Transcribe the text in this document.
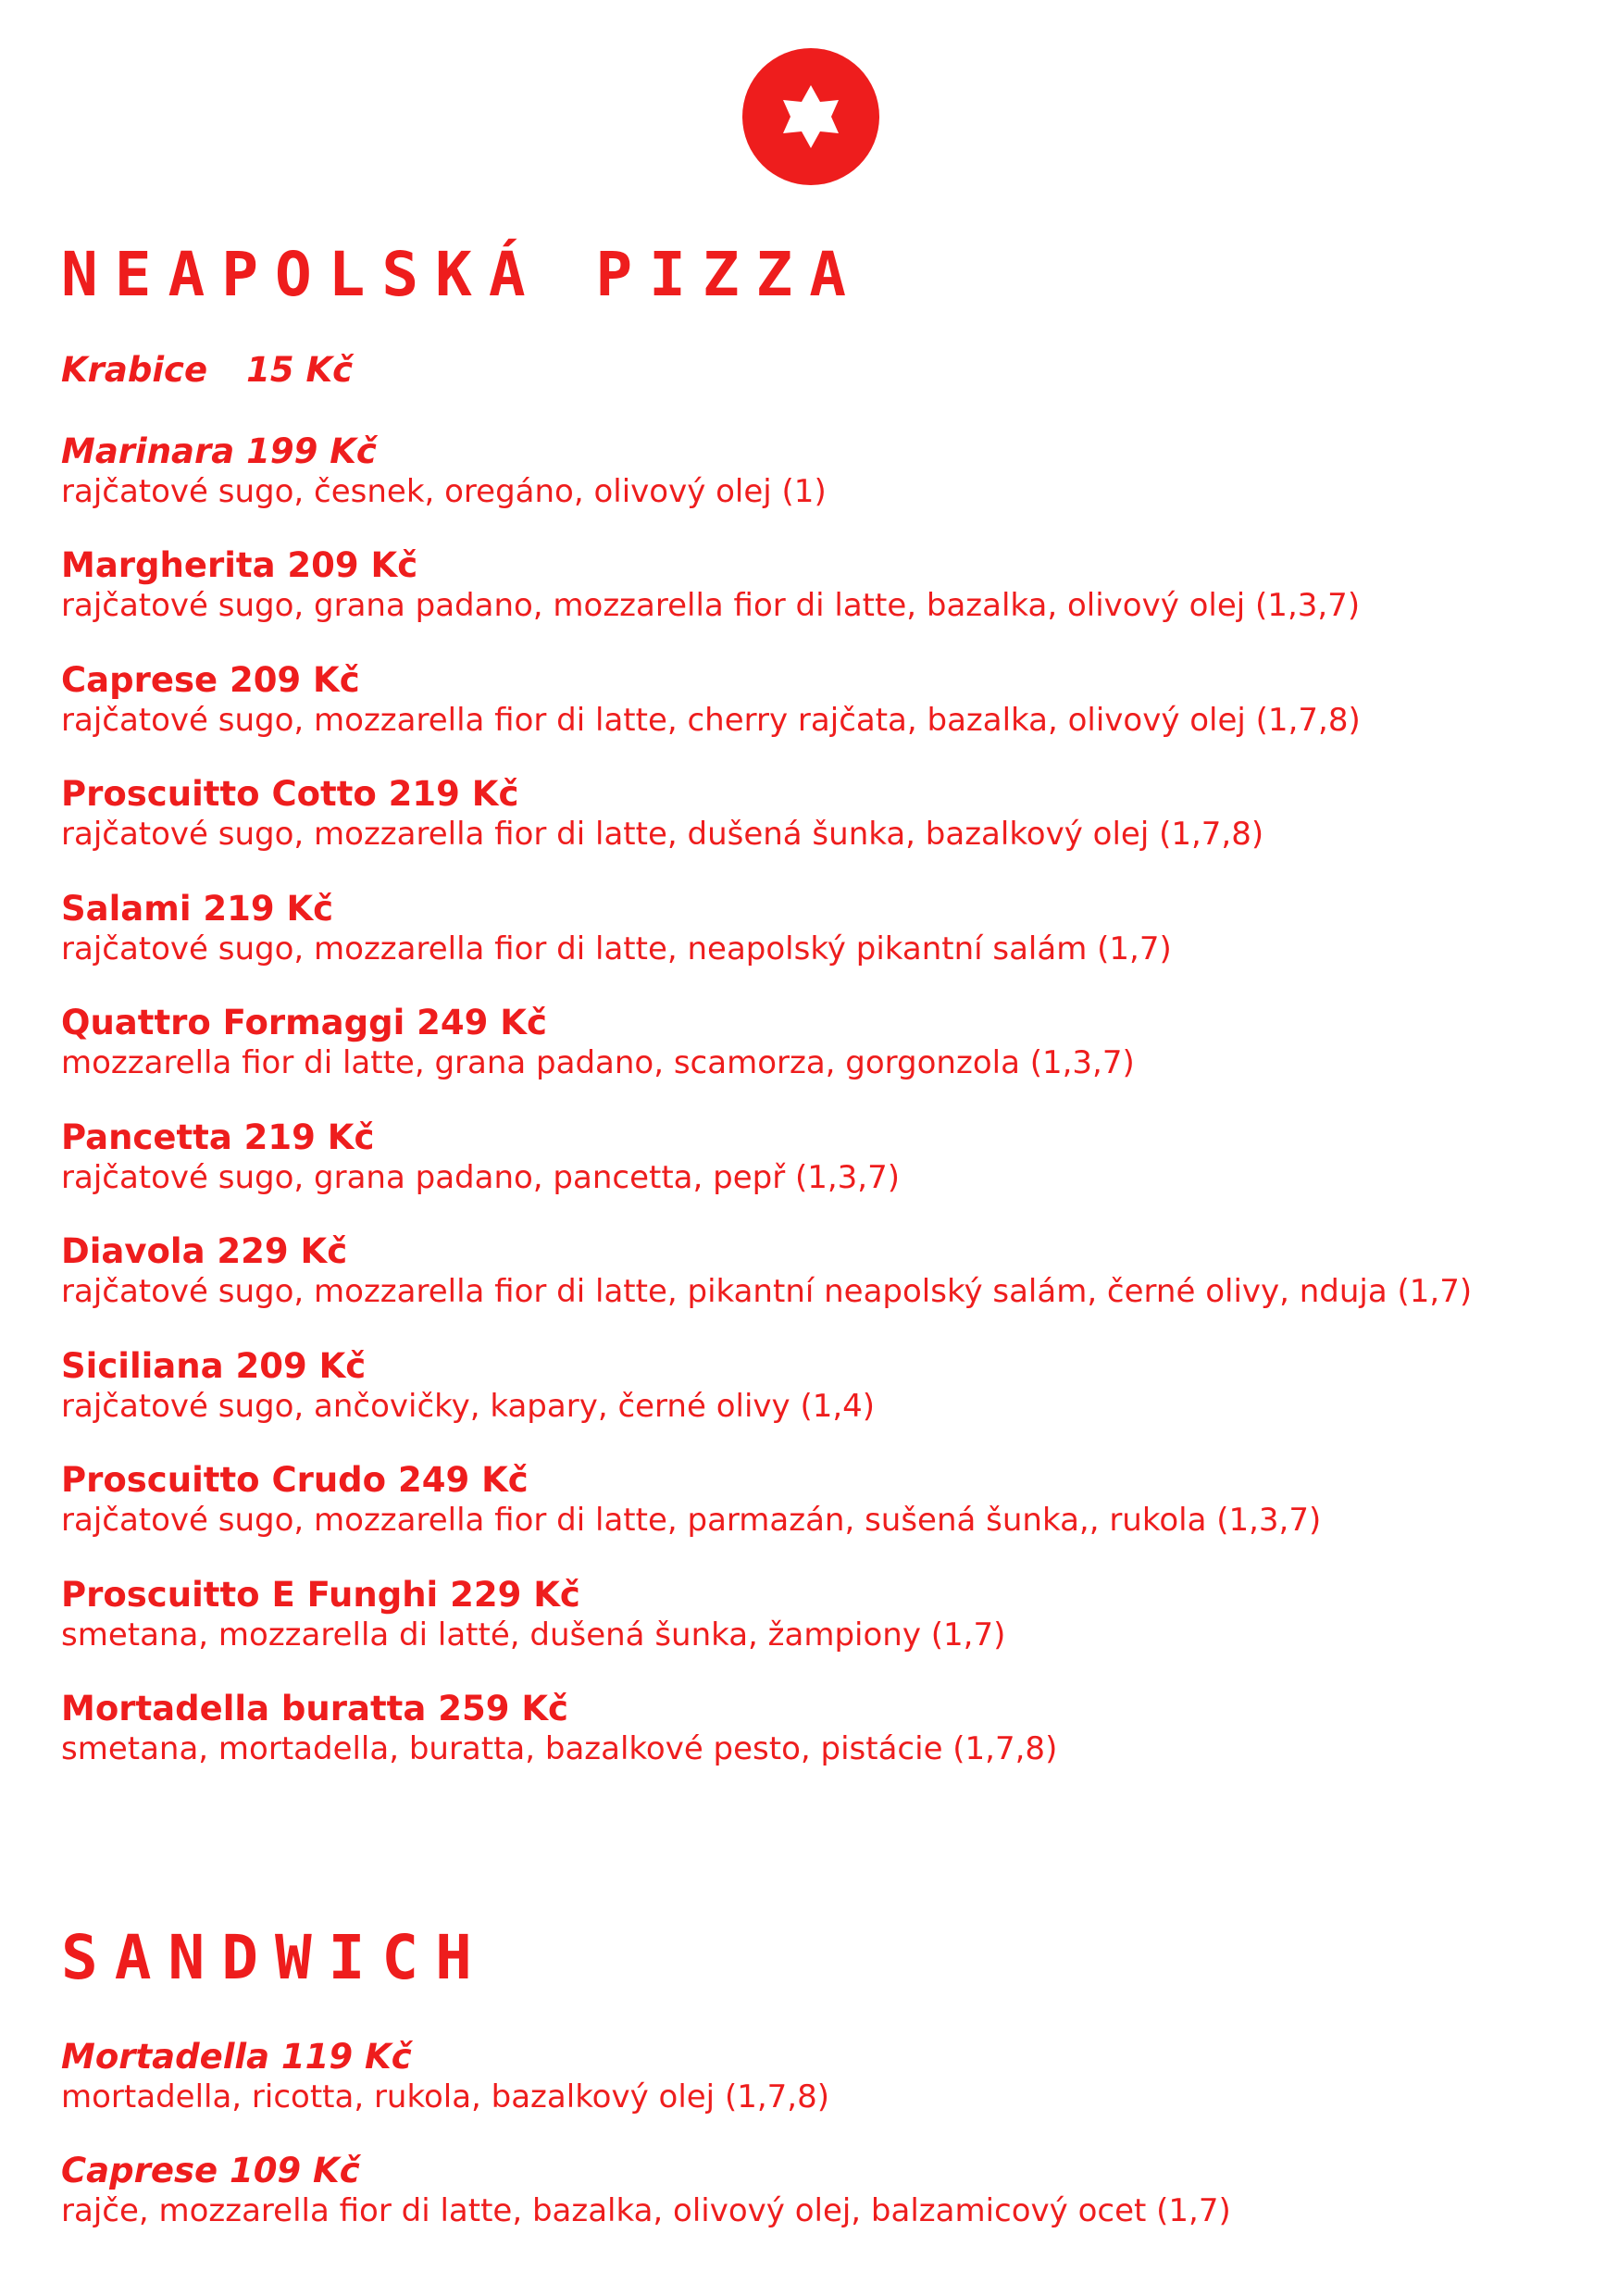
NEAPOLSKÁ PIZZA
Krabice 15 Kč
Marinara 199 Kč
rajčatové sugo, česnek, oregáno, olivový olej (1)
Margherita 209 Kč
rajčatové sugo, grana padano, mozzarella fior di latte, bazalka, olivový olej (1,3,7)
Caprese 209 Kč
rajčatové sugo, mozzarella fior di latte, cherry rajčata, bazalka, olivový olej (1,7,8)
Proscuitto Cotto 219 Kč
rajčatové sugo, mozzarella fior di latte, dušená šunka, bazalkový olej (1,7,8)
Salami 219 Kč
rajčatové sugo, mozzarella fior di latte, neapolský pikantní salám (1,7)
Quattro Formaggi 249 Kč
mozzarella fior di latte, grana padano, scamorza, gorgonzola (1,3,7)
Pancetta 219 Kč
rajčatové sugo, grana padano, pancetta, pepř (1,3,7)
Diavola 229 Kč
rajčatové sugo, mozzarella fior di latte, pikantní neapolský salám, černé olivy, nduja (1,7)
Siciliana 209 Kč
rajčatové sugo, ančovičky, kapary, černé olivy (1,4)
Proscuitto Crudo 249 Kč
rajčatové sugo, mozzarella fior di latte, parmazán, sušená šunka,, rukola (1,3,7)
Proscuitto E Funghi 229 Kč
smetana, mozzarella di latté, dušená šunka, žampiony (1,7)
Mortadella buratta 259 Kč
smetana, mortadella, buratta, bazalkové pesto, pistácie (1,7,8)
SANDWICH
Mortadella 119 Kč
mortadella, ricotta, rukola, bazalkový olej (1,7,8)
Caprese 109 Kč
rajče, mozzarella fior di latte, bazalka, olivový olej, balzamicový ocet (1,7)
